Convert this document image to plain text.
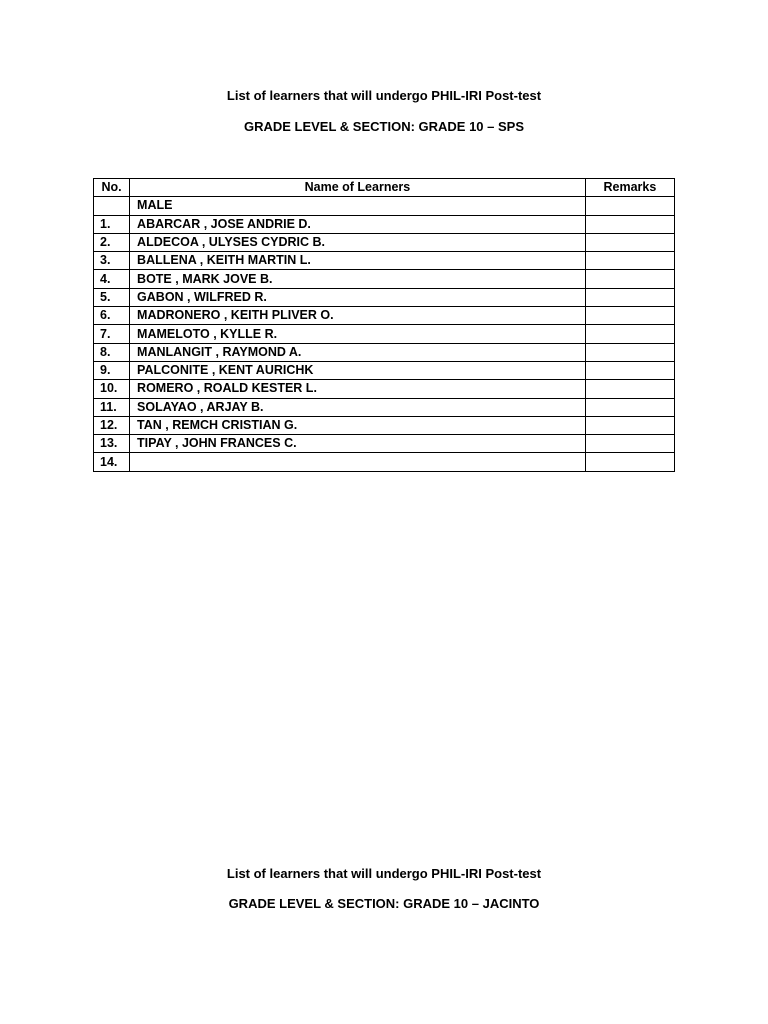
List of learners that will undergo PHIL-IRI Post-test

GRADE LEVEL & SECTION: GRADE 10 – SPS

No.	Name of Learners	Remarks
	MALE	
1.	ABARCAR , JOSE ANDRIE D.	
2.	ALDECOA , ULYSES CYDRIC B.	
3.	BALLENA , KEITH MARTIN L.	
4.	BOTE , MARK JOVE B.	
5.	GABON , WILFRED R.	
6.	MADRONERO , KEITH PLIVER O.	
7.	MAMELOTO , KYLLE R.	
8.	MANLANGIT , RAYMOND A.	
9.	PALCONITE , KENT AURICHK	
10.	ROMERO , ROALD KESTER L.	
11.	SOLAYAO , ARJAY B.	
12.	TAN , REMCH CRISTIAN G.	
13.	TIPAY , JOHN FRANCES C.	
14.		

List of learners that will undergo PHIL-IRI Post-test

GRADE LEVEL & SECTION: GRADE 10 – JACINTO
